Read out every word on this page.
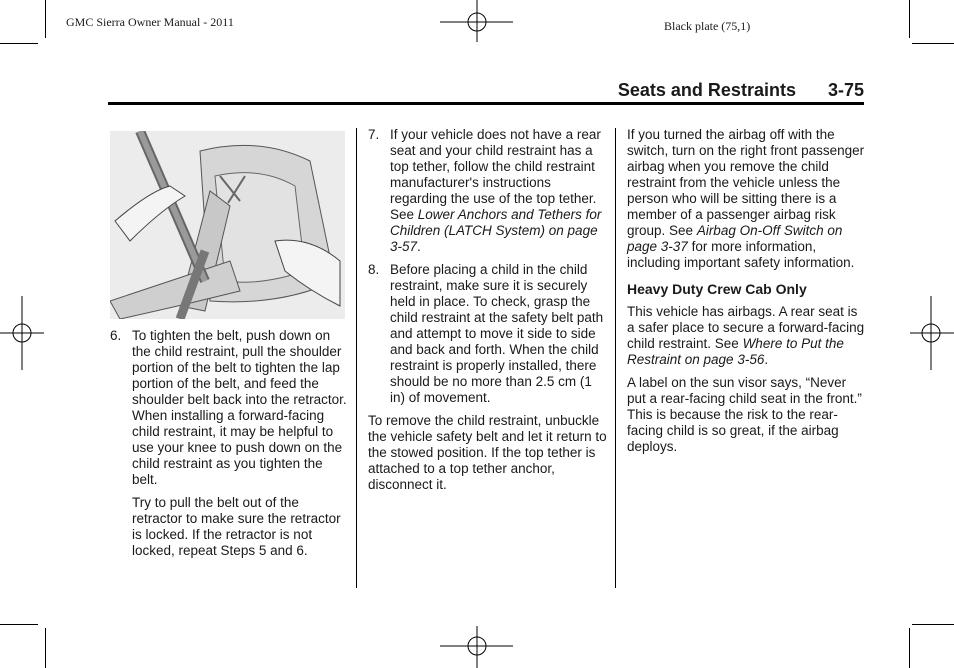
GMC Sierra Owner Manual - 2011	Black plate (75,1)
Seats and Restraints 3-75
6. To tighten the belt, push down on the child restraint, pull the shoulder portion of the belt to tighten the lap portion of the belt, and feed the shoulder belt back into the retractor. When installing a forward-facing child restraint, it may be helpful to use your knee to push down on the child restraint as you tighten the belt.
Try to pull the belt out of the retractor to make sure the retractor is locked. If the retractor is not locked, repeat Steps 5 and 6.
7. If your vehicle does not have a rear seat and your child restraint has a top tether, follow the child restraint manufacturer's instructions regarding the use of the top tether. See Lower Anchors and Tethers for Children (LATCH System) on page 3-57.
8. Before placing a child in the child restraint, make sure it is securely held in place. To check, grasp the child restraint at the safety belt path and attempt to move it side to side and back and forth. When the child restraint is properly installed, there should be no more than 2.5 cm (1 in) of movement.

To remove the child restraint, unbuckle the vehicle safety belt and let it return to the stowed position. If the top tether is attached to a top tether anchor, disconnect it.

If you turned the airbag off with the switch, turn on the right front passenger airbag when you remove the child restraint from the vehicle unless the person who will be sitting there is a member of a passenger airbag risk group. See Airbag On-Off Switch on page 3-37 for more information, including important safety information.

Heavy Duty Crew Cab Only

This vehicle has airbags. A rear seat is a safer place to secure a forward-facing child restraint. See Where to Put the Restraint on page 3-56.

A label on the sun visor says, “Never put a rear-facing child seat in the front.” This is because the risk to the rear-facing child is so great, if the airbag deploys.
